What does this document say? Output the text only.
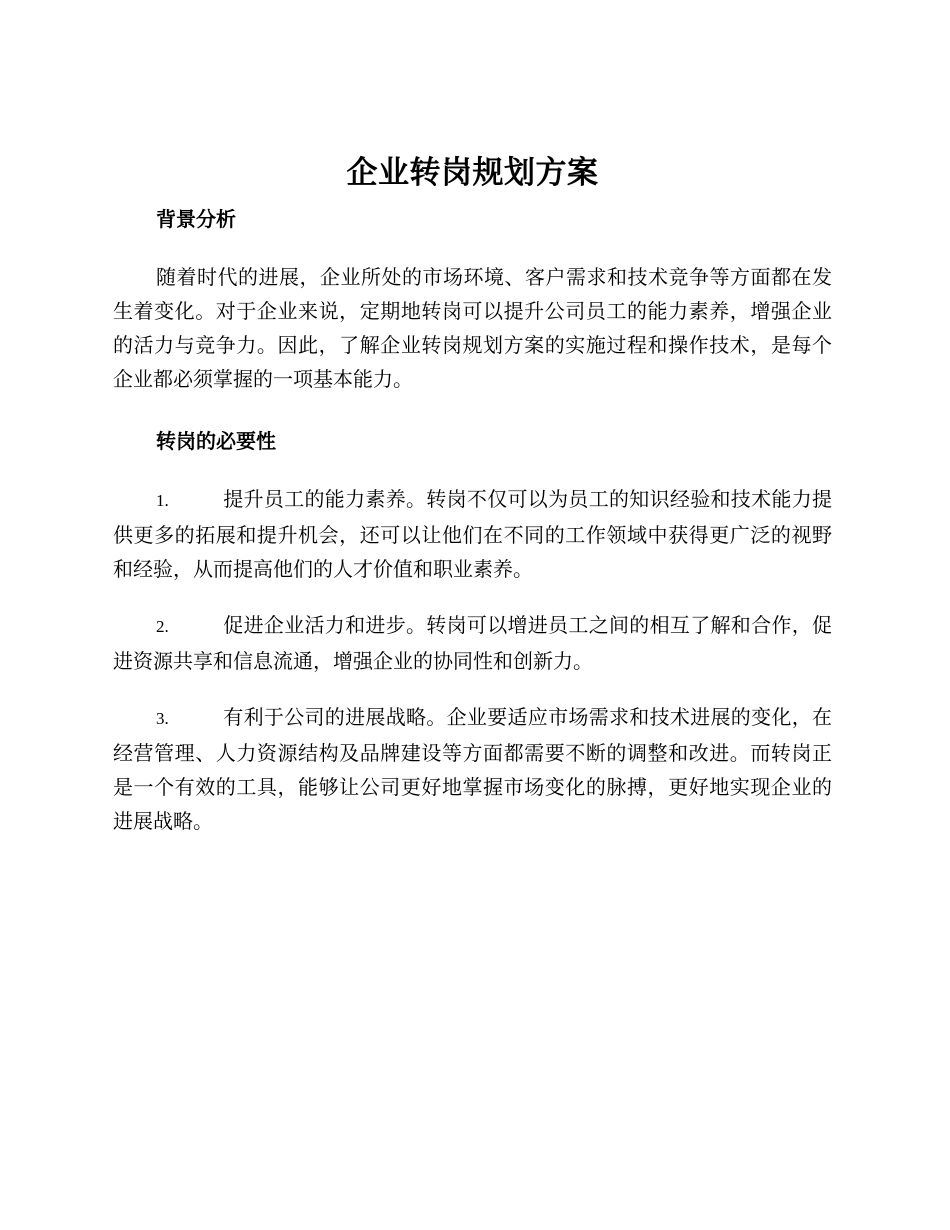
企业转岗规划方案
背景分析

随着时代的进展，企业所处的市场环境、客户需求和技术竞争等方面都在发生着变化。对于企业来说，定期地转岗可以提升公司员工的能力素养，增强企业的活力与竞争力。因此，了解企业转岗规划方案的实施过程和操作技术，是每个企业都必须掌握的一项基本能力。

转岗的必要性

1.	提升员工的能力素养。转岗不仅可以为员工的知识经验和技术能力提供更多的拓展和提升机会，还可以让他们在不同的工作领域中获得更广泛的视野和经验，从而提高他们的人才价值和职业素养。

2.	促进企业活力和进步。转岗可以增进员工之间的相互了解和合作，促进资源共享和信息流通，增强企业的协同性和创新力。

3.	有利于公司的进展战略。企业要适应市场需求和技术进展的变化，在经营管理、人力资源结构及品牌建设等方面都需要不断的调整和改进。而转岗正是一个有效的工具，能够让公司更好地掌握市场变化的脉搏，更好地实现企业的进展战略。
